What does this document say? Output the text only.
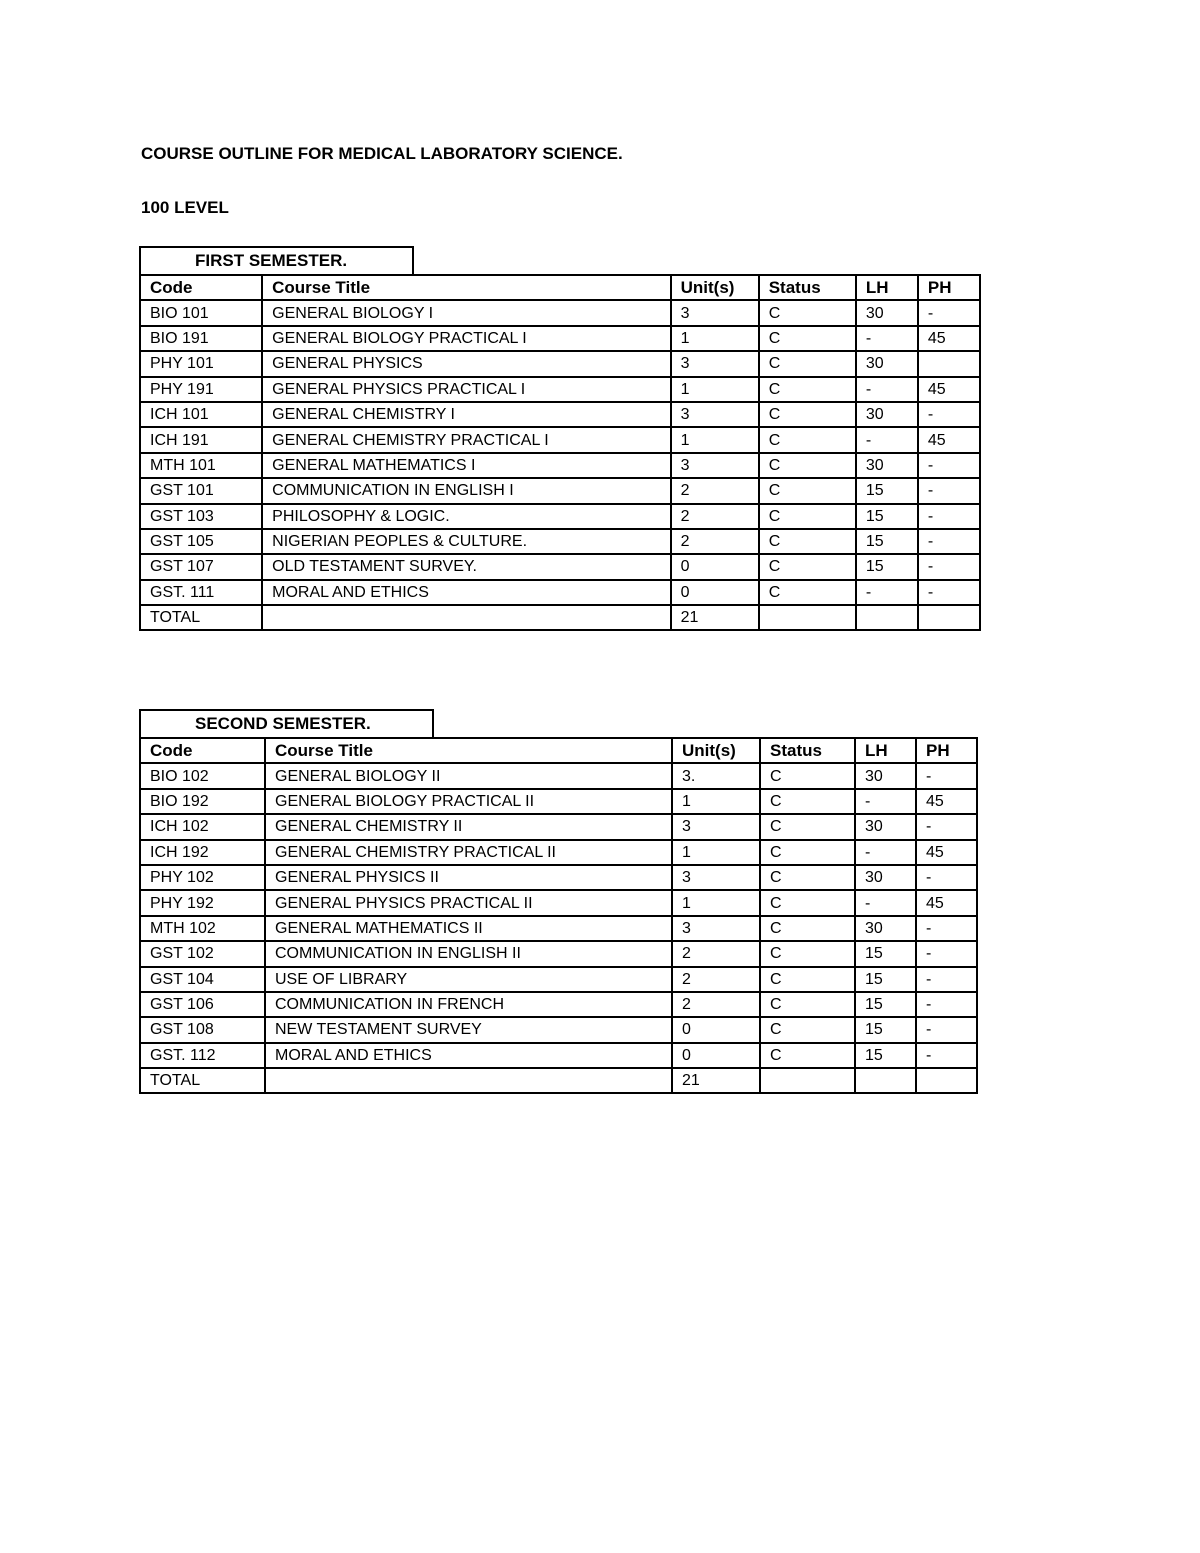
COURSE OUTLINE FOR MEDICAL LABORATORY SCIENCE.
100 LEVEL
FIRST SEMESTER.
Code	Course Title	Unit(s)	Status	LH	PH
BIO 101	GENERAL BIOLOGY I	3	C	30	-
BIO 191	GENERAL BIOLOGY PRACTICAL I	1	C	-	45
PHY 101	GENERAL PHYSICS	3	C	30	
PHY 191	GENERAL PHYSICS PRACTICAL I	1	C	-	45
ICH 101	GENERAL CHEMISTRY I	3	C	30	-
ICH 191	GENERAL CHEMISTRY PRACTICAL I	1	C	-	45
MTH 101	GENERAL MATHEMATICS I	3	C	30	-
GST 101	COMMUNICATION IN ENGLISH I	2	C	15	-
GST 103	PHILOSOPHY & LOGIC.	2	C	15	-
GST 105	NIGERIAN PEOPLES & CULTURE.	2	C	15	-
GST 107	OLD TESTAMENT SURVEY.	0	C	15	-
GST. 111	MORAL AND ETHICS	0	C	-	-
TOTAL		21			
SECOND SEMESTER.
Code	Course Title	Unit(s)	Status	LH	PH
BIO 102	GENERAL BIOLOGY II	3.	C	30	-
BIO 192	GENERAL BIOLOGY PRACTICAL II	1	C	-	45
ICH 102	GENERAL CHEMISTRY II	3	C	30	-
ICH 192	GENERAL CHEMISTRY PRACTICAL II	1	C	-	45
PHY 102	GENERAL PHYSICS II	3	C	30	-
PHY 192	GENERAL PHYSICS PRACTICAL II	1	C	-	45
MTH 102	GENERAL MATHEMATICS II	3	C	30	-
GST 102	COMMUNICATION IN ENGLISH II	2	C	15	-
GST 104	USE OF LIBRARY	2	C	15	-
GST 106	COMMUNICATION IN FRENCH	2	C	15	-
GST 108	NEW TESTAMENT SURVEY	0	C	15	-
GST. 112	MORAL AND ETHICS	0	C	15	-
TOTAL		21			
